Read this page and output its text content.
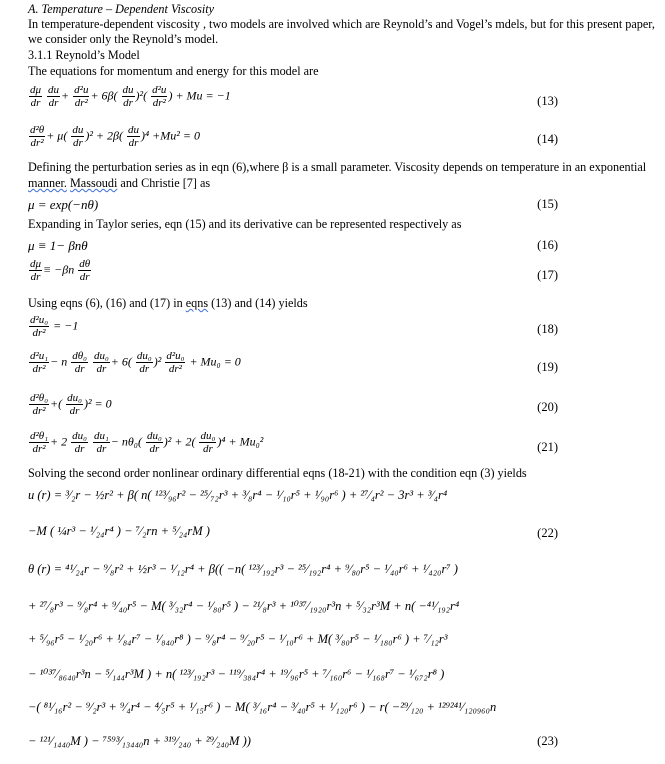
A. Temperature – Dependent Viscosity
In temperature-dependent viscosity , two models are involved which are Reynold’s and Vogel’s mdels, but for this present paper,
we consider only the Reynold’s model.
3.1.1 Reynold’s Model
The equations for momentum and energy for this model are
$\frac{d\mu}{dr}$
$\frac{du}{dr} + \frac{\text{d²u}}{\text{dr²}} + 6\beta( \frac{du}{dr} )^2( \frac{\text{d²u}}{\text{dr²}}$ ) + Mu = −1	(13)
$\frac{\text{d²θ}}{\text{dr²}} + \mu( \frac{du}{dr} )^2 + 2\beta( \frac{du}{dr} )^4 +Mu^2 = 0$	(14)
Defining the perturbation series as in eqn (6),where β is a small parameter. Viscosity depends on temperature in an exponential
manner. Massoudi and Christie [7] as
μ = exp(−nθ)	(15)
Expanding in Taylor series, eqn (15) and its derivative can be represented respectively as
μ ≡ 1− βnθ	(16)
$\frac{d\mu}{dr} \equiv -\beta n \frac{d\theta}{dr}$	(17)
Using eqns (6), (16) and (17) in eqns (13) and (14) yields
$\frac{\text{d²u₀}}{\text{dr²}} = -1$	(18)
$\frac{\text{d²u₁}}{\text{dr²}} - n \frac{\text{dθ₀}}{dr}$
$\frac{\text{du₀}}{dr} + 6( \frac{\text{du₀}}{dr} )^2 \frac{\text{d²u₀}}{\text{dr²}} + Mu_0 = 0$	(19)
$\frac{\text{d²θ₀}}{\text{dr²}}$ +( $\frac{\text{du₀}}{dr} )^2 = 0$	(20)
$\frac{\text{d²θ₁}}{\text{dr²}} + 2 \frac{\text{du₀}}{dr}$
$\frac{\text{du₁}}{dr} - n\theta_0( \frac{\text{du₀}}{dr} )^2 + 2( \frac{\text{du₀}}{dr} )^4 + Mu_0^2$	(21)
Solving the second order nonlinear ordinary differential eqns (18-21) with the condition eqn (3) yields
u (r) = ³⁄₂r − ½r² + β( n( ¹²³⁄₉₆r² − ²⁵⁄₇₂r³ + ³⁄₈r⁴ − ¹⁄₁₀r⁵ + ¹⁄₉₀r⁶ ) + ²⁷⁄₄r² − 3r³ + ³⁄₄r⁴
−M ( ¼r³ − ¹⁄₂₄r⁴ ) − ⁷⁄₂rn + ⁵⁄₂₄rM )	(22)
θ (r) = ⁴¹⁄₂₄r − ⁹⁄₈r² + ½r³ − ¹⁄₁₂r⁴ + β(( −n( ¹²³⁄₁₉₂r³ − ²⁵⁄₁₉₂r⁴ + ⁹⁄₈₀r⁵ − ¹⁄₄₀r⁶ + ¹⁄₄₂₀r⁷ )
+ ²⁷⁄₈r³ − ⁹⁄₈r⁴ + ⁹⁄₄₀r⁵ − M( ³⁄₃₂r⁴ − ¹⁄₈₀r⁵ ) − ²¹⁄₈r³ + ¹⁰³⁷⁄₁₉₂₀r³n + ⁵⁄₃₂r³M + n( −⁴¹⁄₁₉₂r⁴
+ ⁵⁄₉₆r⁵ − ¹⁄₂₀r⁶ + ¹⁄₈₄r⁷ − ¹⁄₈₄₀r⁸ ) − ⁹⁄₈r⁴ − ⁹⁄₂₀r⁵ − ¹⁄₁₀r⁶ + M( ³⁄₈₀r⁵ − ¹⁄₁₈₀r⁶ ) + ⁷⁄₁₂r³
− ¹⁰³⁷⁄₈₆₄₀r³n − ⁵⁄₁₄₄r³M ) + n( ¹²³⁄₁₉₂r³ − ¹¹⁹⁄₃₈₄r⁴ + ¹⁹⁄₉₆r⁵ + ⁷⁄₁₆₀r⁶ − ¹⁄₁₆₈r⁷ − ¹⁄₆₇₂r⁸ )
−( ⁸¹⁄₁₆r² − ⁹⁄₂r³ + ⁹⁄₄r⁴ − ⁴⁄₅r⁵ + ¹⁄₁₅r⁶ ) − M( ³⁄₁₆r⁴ − ³⁄₄₀r⁵ + ¹⁄₁₂₀r⁶ ) − r( −²⁹⁄₁₂₀ + ¹²⁹²⁴¹⁄₁₂₀₉₆₀n
− ¹²¹⁄₁₄₄₀M ) − ⁷⁵⁹³⁄₁₃₄₄₀n + ³¹⁹⁄₂₄₀ + ²⁹⁄₂₄₀M ))	(23)
